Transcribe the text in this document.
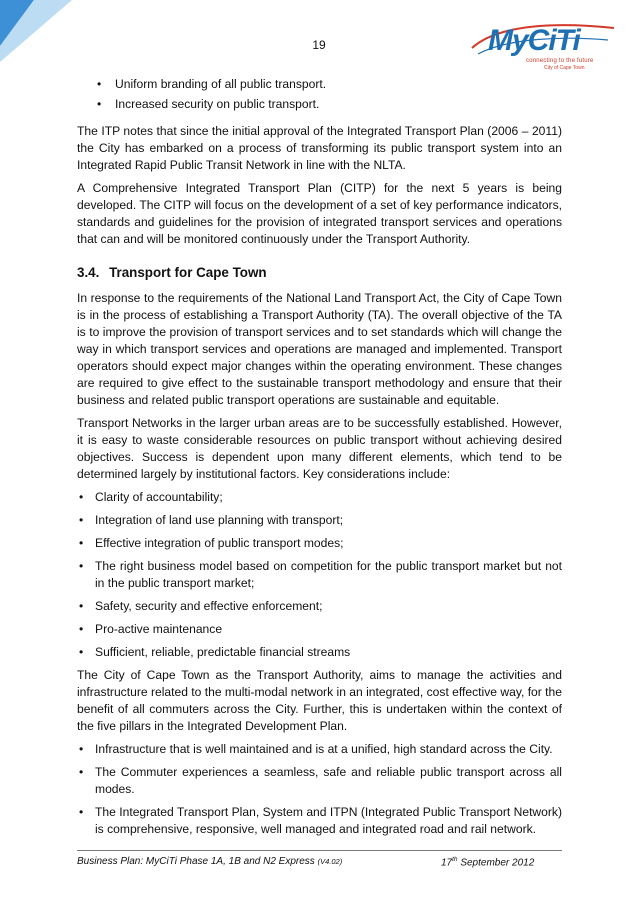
19	MyCiTi
connecting to the future
City of Cape Town
• Uniform branding of all public transport.
• Increased security on public transport.

The ITP notes that since the initial approval of the Integrated Transport Plan (2006 – 2011) the City has embarked on a process of transforming its public transport system into an Integrated Rapid Public Transit Network in line with the NLTA.

A Comprehensive Integrated Transport Plan (CITP) for the next 5 years is being developed. The CITP will focus on the development of a set of key performance indicators, standards and guidelines for the provision of integrated transport services and operations that can and will be monitored continuously under the Transport Authority.

3.4. Transport for Cape Town

In response to the requirements of the National Land Transport Act, the City of Cape Town is in the process of establishing a Transport Authority (TA). The overall objective of the TA is to improve the provision of transport services and to set standards which will change the way in which transport services and operations are managed and implemented. Transport operators should expect major changes within the operating environment. These changes are required to give effect to the sustainable transport methodology and ensure that their business and related public transport operations are sustainable and equitable.

Transport Networks in the larger urban areas are to be successfully established. However, it is easy to waste considerable resources on public transport without achieving desired objectives. Success is dependent upon many different elements, which tend to be determined largely by institutional factors. Key considerations include:

• Clarity of accountability;
• Integration of land use planning with transport;
• Effective integration of public transport modes;
• The right business model based on competition for the public transport market but not in the public transport market;
• Safety, security and effective enforcement;
• Pro-active maintenance
• Sufficient, reliable, predictable financial streams

The City of Cape Town as the Transport Authority, aims to manage the activities and infrastructure related to the multi-modal network in an integrated, cost effective way, for the benefit of all commuters across the City. Further, this is undertaken within the context of the five pillars in the Integrated Development Plan.

• Infrastructure that is well maintained and is at a unified, high standard across the City.
• The Commuter experiences a seamless, safe and reliable public transport across all modes.
• The Integrated Transport Plan, System and ITPN (Integrated Public Transport Network) is comprehensive, responsive, well managed and integrated road and rail network.
Business Plan: MyCiTi Phase 1A, 1B and N2 Express (V4.02)	17th September 2012
